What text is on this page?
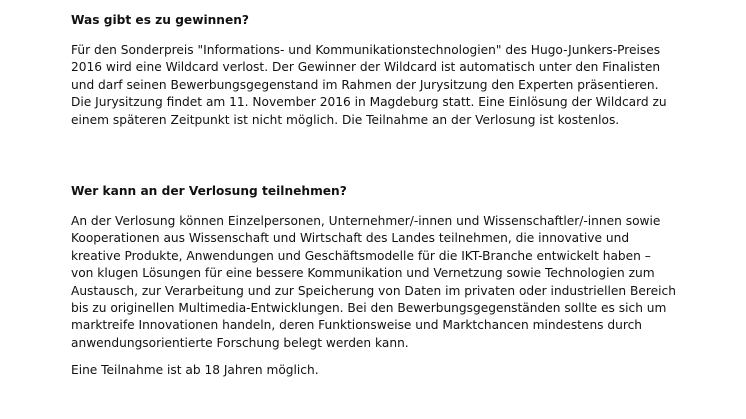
Was gibt es zu gewinnen?

Für den Sonderpreis "Informations- und Kommunikationstechnologien" des Hugo-Junkers-Preises
2016 wird eine Wildcard verlost. Der Gewinner der Wildcard ist automatisch unter den Finalisten
und darf seinen Bewerbungsgegenstand im Rahmen der Jurysitzung den Experten präsentieren.
Die Jurysitzung findet am 11. November 2016 in Magdeburg statt. Eine Einlösung der Wildcard zu
einem späteren Zeitpunkt ist nicht möglich. Die Teilnahme an der Verlosung ist kostenlos.

Wer kann an der Verlosung teilnehmen?

An der Verlosung können Einzelpersonen, Unternehmer/-innen und Wissenschaftler/-innen sowie
Kooperationen aus Wissenschaft und Wirtschaft des Landes teilnehmen, die innovative und
kreative Produkte, Anwendungen und Geschäftsmodelle für die IKT-Branche entwickelt haben –
von klugen Lösungen für eine bessere Kommunikation und Vernetzung sowie Technologien zum
Austausch, zur Verarbeitung und zur Speicherung von Daten im privaten oder industriellen Bereich
bis zu originellen Multimedia-Entwicklungen. Bei den Bewerbungsgegenständen sollte es sich um
marktreife Innovationen handeln, deren Funktionsweise und Marktchancen mindestens durch
anwendungsorientierte Forschung belegt werden kann.

Eine Teilnahme ist ab 18 Jahren möglich.
